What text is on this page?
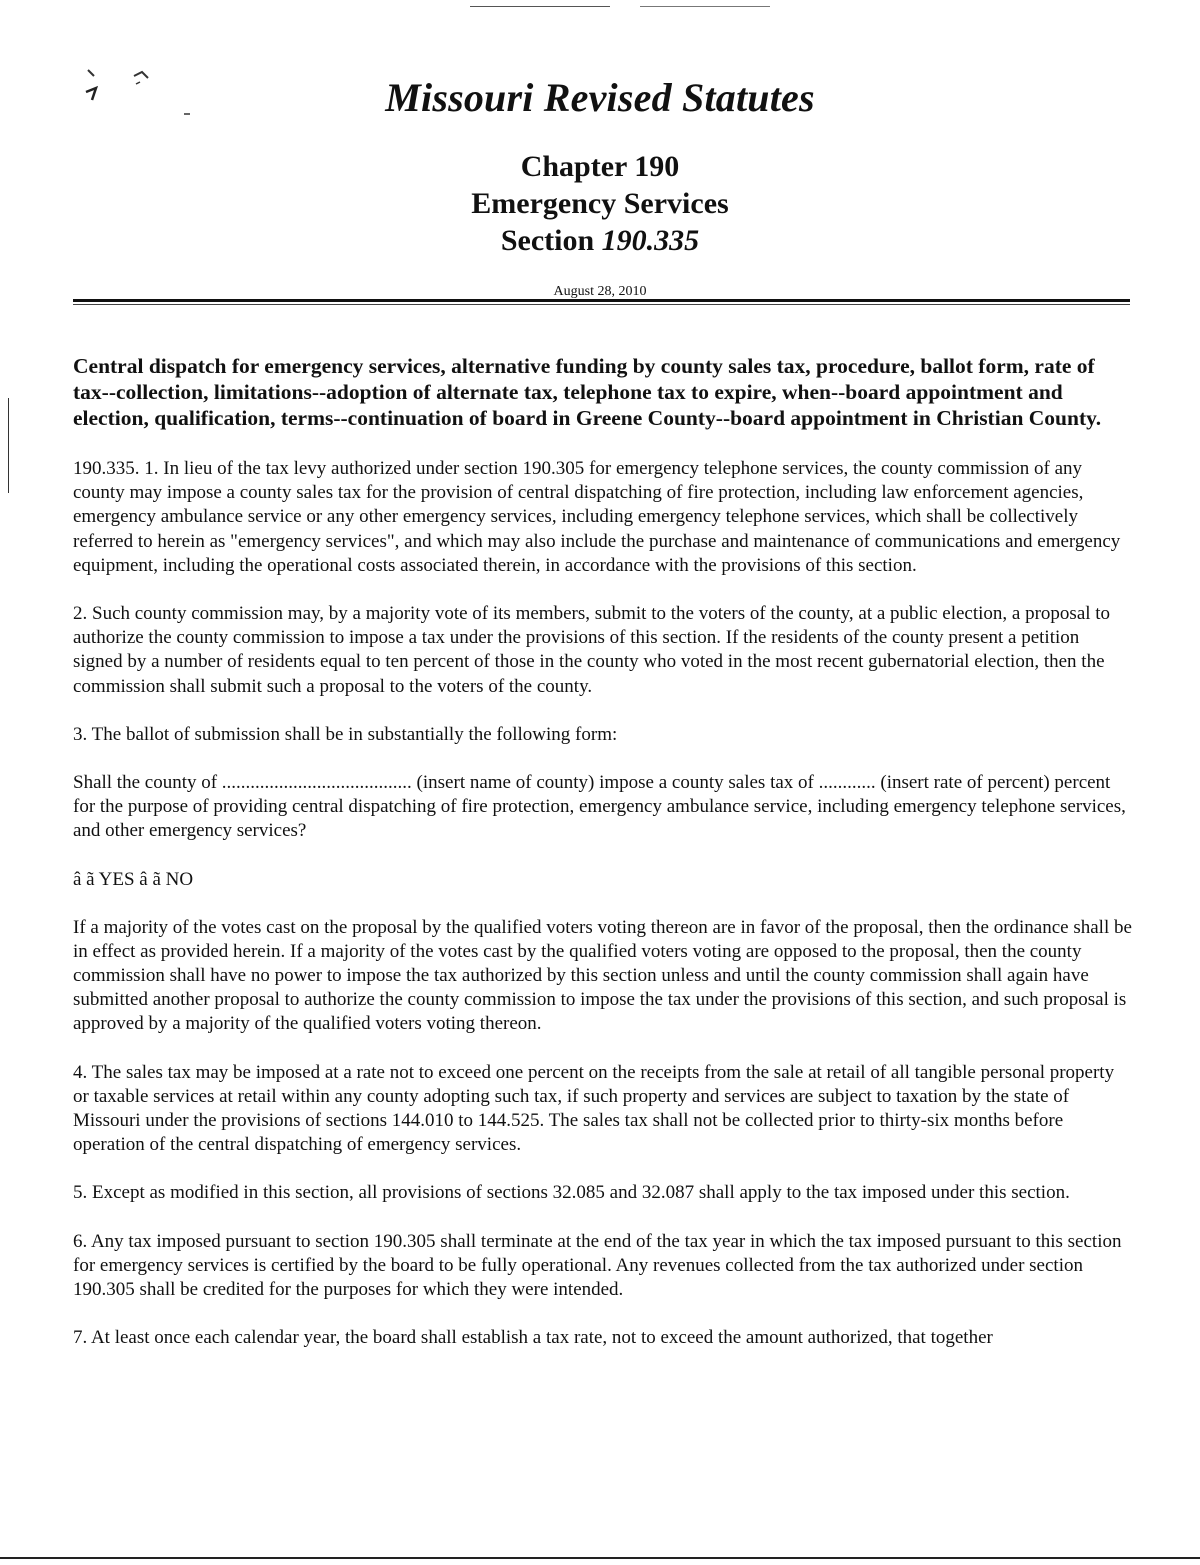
Missouri Revised Statutes
Chapter 190
Emergency Services
Section 190.335
August 28, 2010

Central dispatch for emergency services, alternative funding by county sales tax, procedure, ballot form, rate of tax--collection, limitations--adoption of alternate tax, telephone tax to expire, when--board appointment and election, qualification, terms--continuation of board in Greene County--board appointment in Christian County.

190.335. 1. In lieu of the tax levy authorized under section 190.305 for emergency telephone services, the county commission of any county may impose a county sales tax for the provision of central dispatching of fire protection, including law enforcement agencies, emergency ambulance service or any other emergency services, including emergency telephone services, which shall be collectively referred to herein as "emergency services", and which may also include the purchase and maintenance of communications and emergency equipment, including the operational costs associated therein, in accordance with the provisions of this section.

2. Such county commission may, by a majority vote of its members, submit to the voters of the county, at a public election, a proposal to authorize the county commission to impose a tax under the provisions of this section. If the residents of the county present a petition signed by a number of residents equal to ten percent of those in the county who voted in the most recent gubernatorial election, then the commission shall submit such a proposal to the voters of the county.

3. The ballot of submission shall be in substantially the following form:

Shall the county of ........................................ (insert name of county) impose a county sales tax of ............ (insert rate of percent) percent for the purpose of providing central dispatching of fire protection, emergency ambulance service, including emergency telephone services, and other emergency services?

â ã YES â ã NO

If a majority of the votes cast on the proposal by the qualified voters voting thereon are in favor of the proposal, then the ordinance shall be in effect as provided herein. If a majority of the votes cast by the qualified voters voting are opposed to the proposal, then the county commission shall have no power to impose the tax authorized by this section unless and until the county commission shall again have submitted another proposal to authorize the county commission to impose the tax under the provisions of this section, and such proposal is approved by a majority of the qualified voters voting thereon.

4. The sales tax may be imposed at a rate not to exceed one percent on the receipts from the sale at retail of all tangible personal property or taxable services at retail within any county adopting such tax, if such property and services are subject to taxation by the state of Missouri under the provisions of sections 144.010 to 144.525. The sales tax shall not be collected prior to thirty-six months before operation of the central dispatching of emergency services.

5. Except as modified in this section, all provisions of sections 32.085 and 32.087 shall apply to the tax imposed under this section.

6. Any tax imposed pursuant to section 190.305 shall terminate at the end of the tax year in which the tax imposed pursuant to this section for emergency services is certified by the board to be fully operational. Any revenues collected from the tax authorized under section 190.305 shall be credited for the purposes for which they were intended.

7. At least once each calendar year, the board shall establish a tax rate, not to exceed the amount authorized, that together
